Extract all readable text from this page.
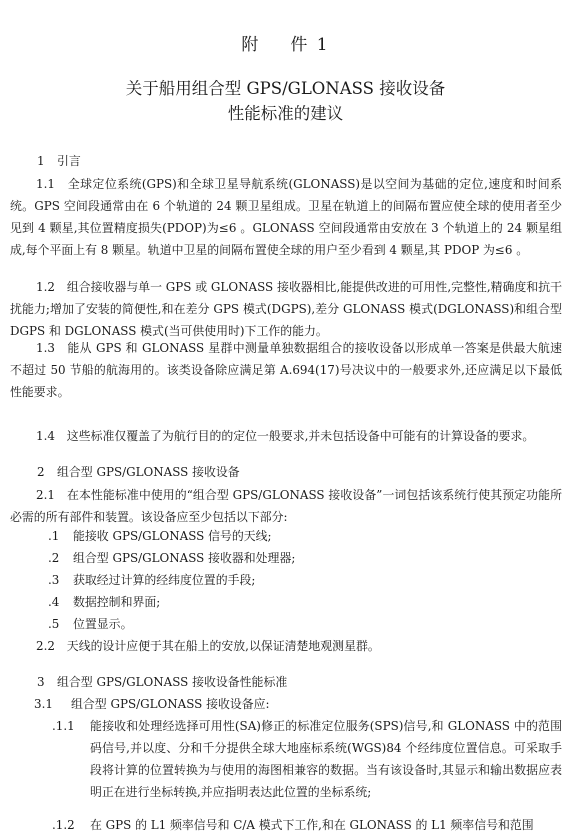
附 件 1
关于船用组合型 GPS/GLONASS 接收设备
性能标准的建议

1 引言

1.1　全球定位系统(GPS)和全球卫星导航系统(GLONASS)是以空间为基础的定位,速度和时间系统。GPS 空间段通常由在 6 个轨道的 24 颗卫星组成。卫星在轨道上的间隔布置应使全球的使用者至少见到 4 颗星,其位置精度损失(PDOP)为≤6 。GLONASS 空间段通常由安放在 3 个轨道上的 24 颗星组成,每个平面上有 8 颗星。轨道中卫星的间隔布置使全球的用户至少看到 4 颗星,其 PDOP 为≤6 。

1.2　组合接收器与单一 GPS 或 GLONASS 接收器相比,能提供改进的可用性,完整性,精确度和抗干扰能力;增加了安装的简便性,和在差分 GPS 模式(DGPS),差分 GLONASS 模式(DGLONASS)和组合型 DGPS 和 DGLONASS 模式(当可供使用时)下工作的能力。

1.3　能从 GPS 和 GLONASS 星群中测量单独数据组合的接收设备以形成单一答案是供最大航速不超过 50 节船的航海用的。该类设备除应满足第 A.694(17)号决议中的一般要求外,还应满足以下最低性能要求。

1.4　这些标准仅覆盖了为航行目的的定位一般要求,并未包括设备中可能有的计算设备的要求。

2 组合型 GPS/GLONASS 接收设备

2.1　在本性能标准中使用的“组合型 GPS/GLONASS 接收设备”一词包括该系统行使其预定功能所必需的所有部件和装置。该设备应至少包括以下部分:

.1 能接收 GPS/GLONASS 信号的天线;

.2 组合型 GPS/GLONASS 接收器和处理器;

.3 获取经过计算的经纬度位置的手段;

.4 数据控制和界面;

.5 位置显示。

2.2　天线的设计应便于其在船上的安放,以保证清楚地观测星群。

3 组合型 GPS/GLONASS 接收设备性能标准

3.1 组合型 GPS/GLONASS 接收设备应:

.1.1	能接收和处理经选择可用性(SA)修正的标准定位服务(SPS)信号,和 GLONASS 中的范围码信号,并以度、分和千分提供全球大地座标系统(WGS)84 个经纬度位置信息。可采取手段将计算的位置转换为与使用的海图相兼容的数据。当有该设备时,其显示和输出数据应表明正在进行坐标转换,并应指明表达此位置的坐标系统;
.1.2	在 GPS 的 L1 频率信号和 C/A 模式下工作,和在 GLONASS 的 L1 频率信号和范围
